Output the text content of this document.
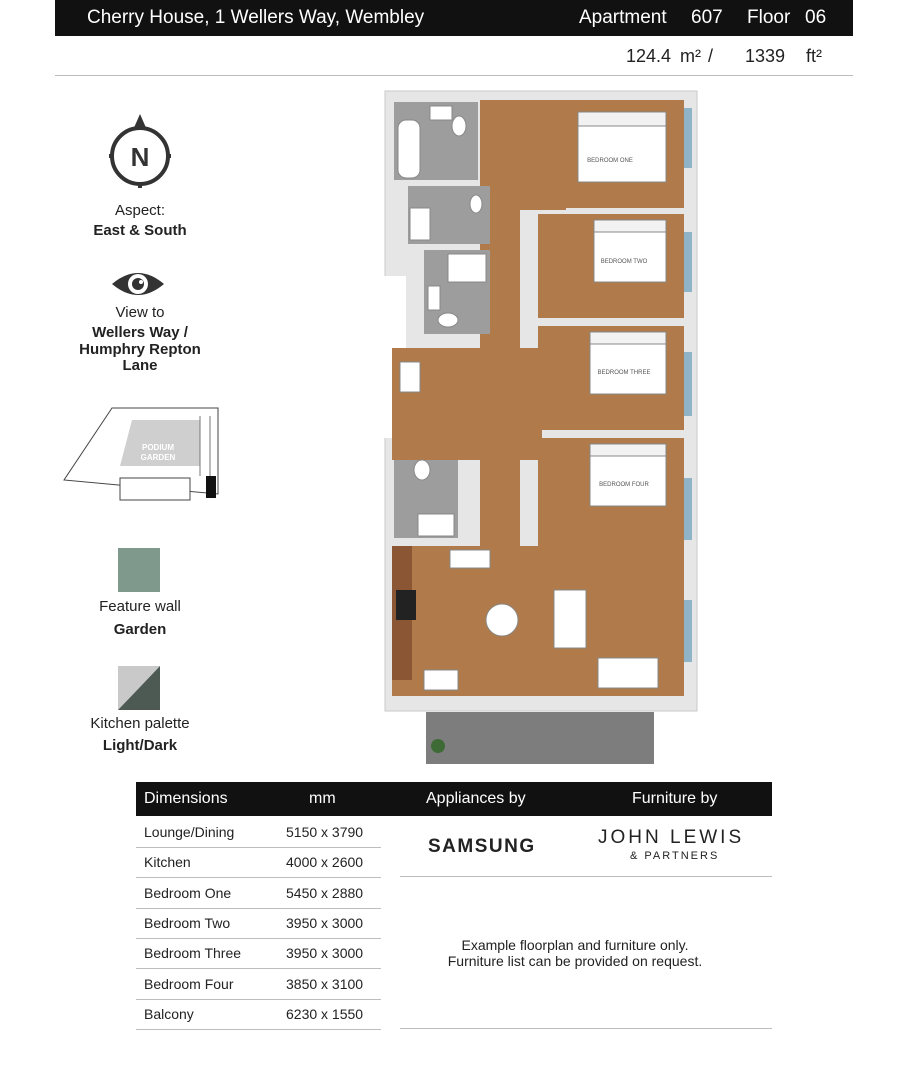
Cherry House, 1 Wellers Way, Wembley	Apartment 607 Floor 06
124.4 m² / 1339 ft²
N
Aspect:
East & South
View to
Wellers Way /
Humphry Repton
Lane
PODIUM
GARDEN
Feature wall
Garden
Kitchen palette
Light/Dark
BEDROOM ONE
BEDROOM TWO
BEDROOM THREE
BEDROOM FOUR
Dimensions	mm	Appliances by	Furniture by
Lounge/Dining	5150 x 3790
Kitchen	4000 x 2600
Bedroom One	5450 x 2880
Bedroom Two	3950 x 3000
Bedroom Three	3950 x 3000
Bedroom Four	3850 x 3100
Balcony	6230 x 1550
SAMSUNG	JOHN LEWIS
& PARTNERS
Example floorplan and furniture only.
Furniture list can be provided on request.
